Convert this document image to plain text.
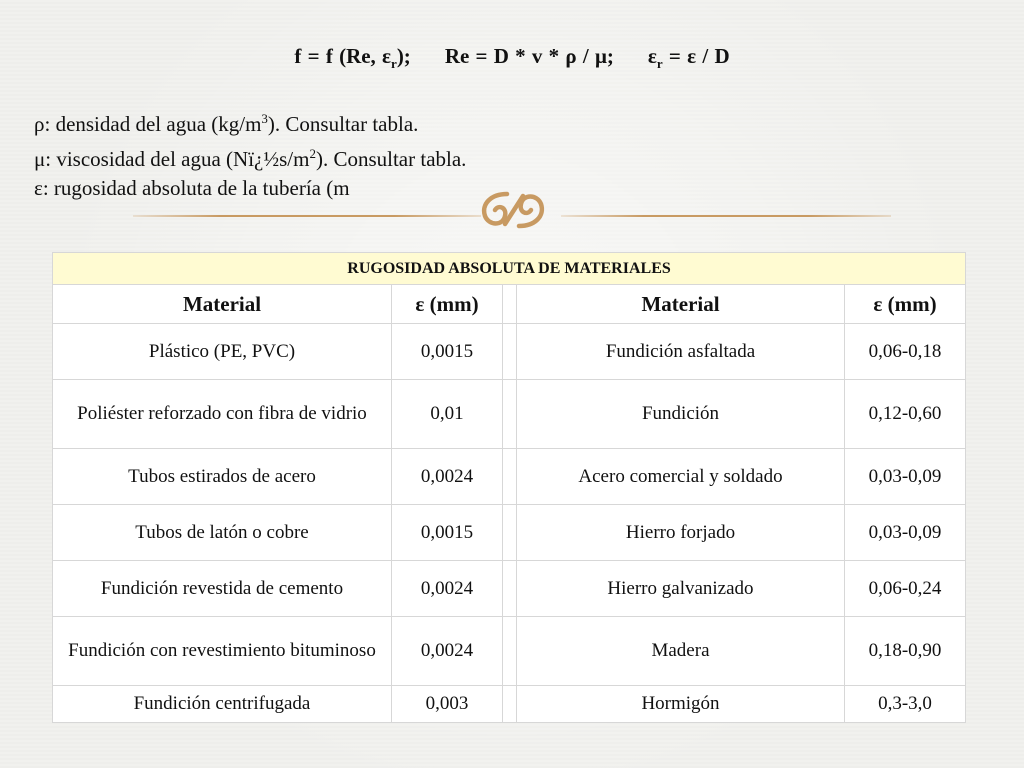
f = f (Re, $\varepsilon_r$); Re = D * v * ρ / μ; $\varepsilon_r = \varepsilon / D$

ρ: densidad del agua $(kg/m^3)$. Consultar tabla.

μ: viscosidad del agua $(Nï¿\frac{1}{2}s/m^2)$. Consultar tabla.

ε: rugosidad absoluta de la tubería (m

RUGOSIDAD ABSOLUTA DE MATERIALES				
Material	ε (mm)		Material	ε (mm)
Plástico (PE, PVC)	0,0015		Fundición asfaltada	0,06-0,18
Poliéster reforzado con fibra de vidrio	0,01		Fundición	0,12-0,60
Tubos estirados de acero	0,0024		Acero comercial y soldado	0,03-0,09
Tubos de latón o cobre	0,0015		Hierro forjado	0,03-0,09
Fundición revestida de cemento	0,0024		Hierro galvanizado	0,06-0,24
Fundición con revestimiento bituminoso	0,0024		Madera	0,18-0,90
Fundición centrifugada	0,003		Hormigón	0,3-3,0
